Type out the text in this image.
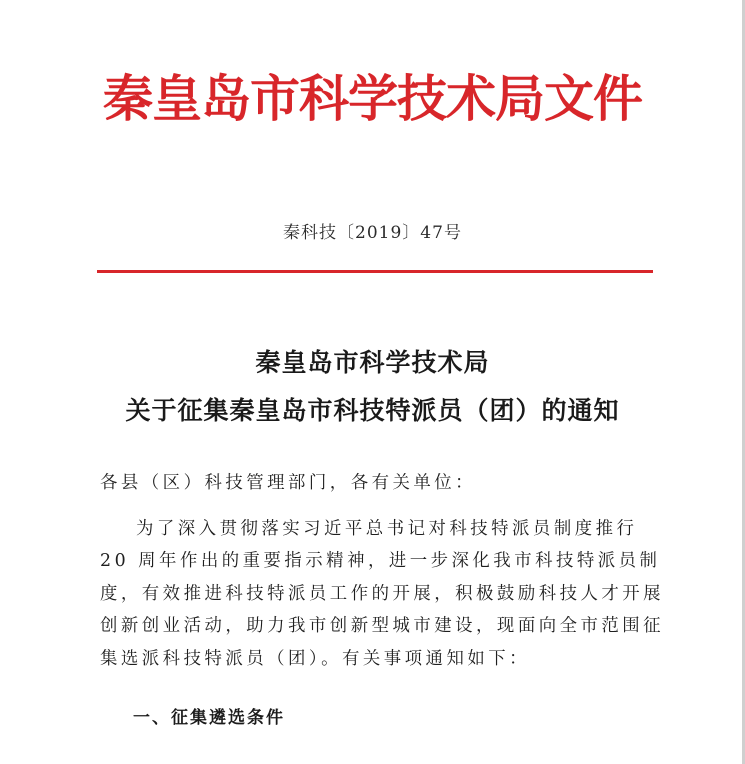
秦皇岛市科学技术局文件
秦科技〔2019〕47号
秦皇岛市科学技术局
关于征集秦皇岛市科技特派员（团）的通知
各县（区）科技管理部门，各有关单位：
为了深入贯彻落实习近平总书记对科技特派员制度推行
20 周年作出的重要指示精神，进一步深化我市科技特派员制
度，有效推进科技特派员工作的开展，积极鼓励科技人才开展
创新创业活动，助力我市创新型城市建设，现面向全市范围征
集选派科技特派员（团）。有关事项通知如下：
一、征集遴选条件
